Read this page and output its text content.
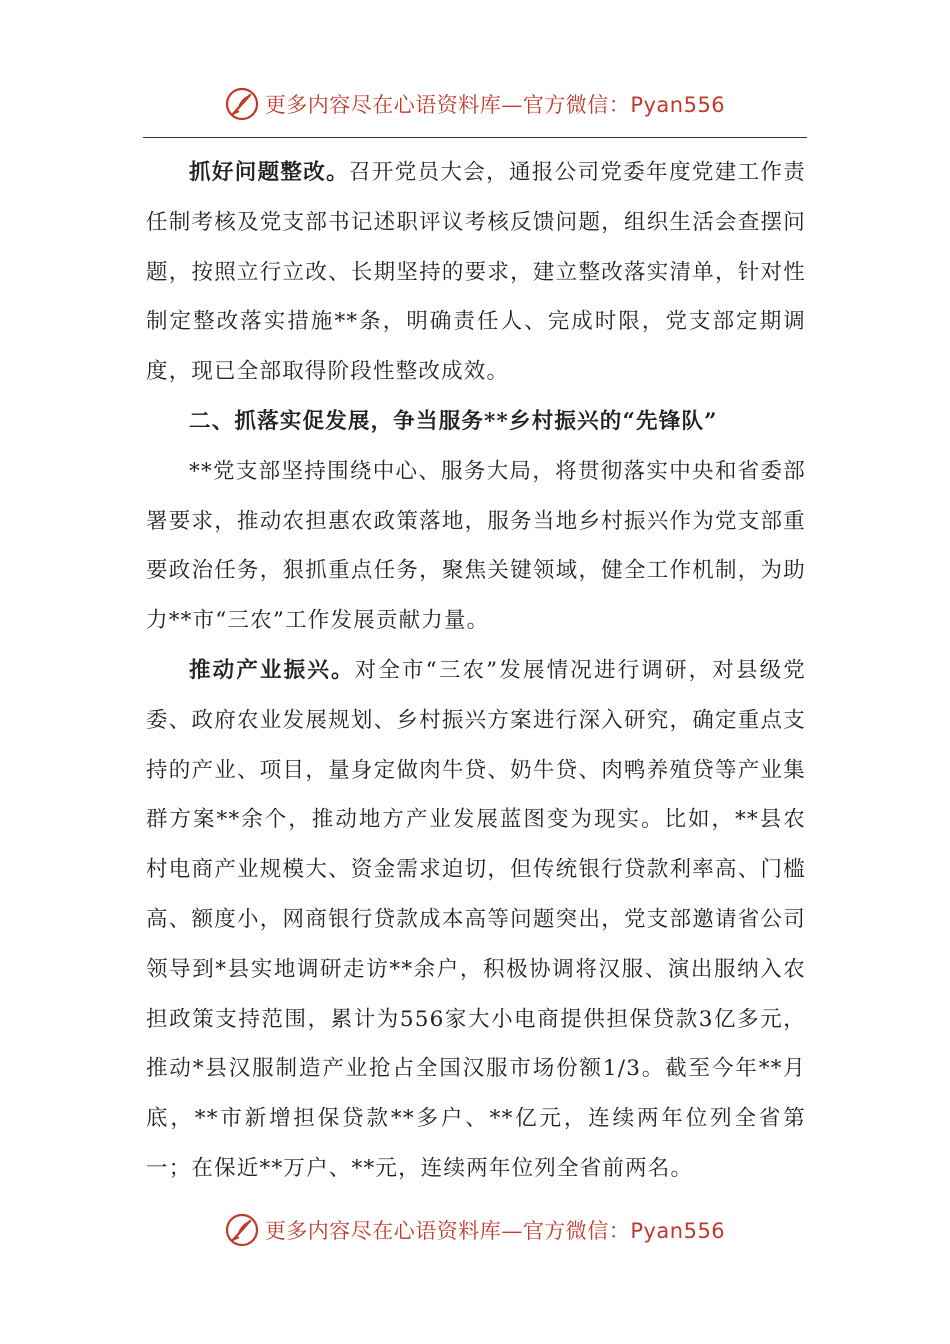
更多内容尽在心语资料库—官方微信：Pyan556

抓好问题整改。召开党员大会，通报公司党委年度党建工作责任制考核及党支部书记述职评议考核反馈问题，组织生活会查摆问题，按照立行立改、长期坚持的要求，建立整改落实清单，针对性制定整改落实措施**条，明确责任人、完成时限，党支部定期调度，现已全部取得阶段性整改成效。

二、抓落实促发展，争当服务**乡村振兴的“先锋队”

**党支部坚持围绕中心、服务大局，将贯彻落实中央和省委部署要求，推动农担惠农政策落地，服务当地乡村振兴作为党支部重要政治任务，狠抓重点任务，聚焦关键领域，健全工作机制，为助力**市“三农”工作发展贡献力量。

推动产业振兴。对全市“三农”发展情况进行调研，对县级党委、政府农业发展规划、乡村振兴方案进行深入研究，确定重点支持的产业、项目，量身定做肉牛贷、奶牛贷、肉鸭养殖贷等产业集群方案**余个，推动地方产业发展蓝图变为现实。比如，**县农村电商产业规模大、资金需求迫切，但传统银行贷款利率高、门槛高、额度小，网商银行贷款成本高等问题突出，党支部邀请省公司领导到*县实地调研走访**余户，积极协调将汉服、演出服纳入农担政策支持范围，累计为556家大小电商提供担保贷款3亿多元，推动*县汉服制造产业抢占全国汉服市场份额1/3。截至今年**月底，**市新增担保贷款**多户、**亿元，连续两年位列全省第一；在保近**万户、**元，连续两年位列全省前两名。

更多内容尽在心语资料库—官方微信：Pyan556
